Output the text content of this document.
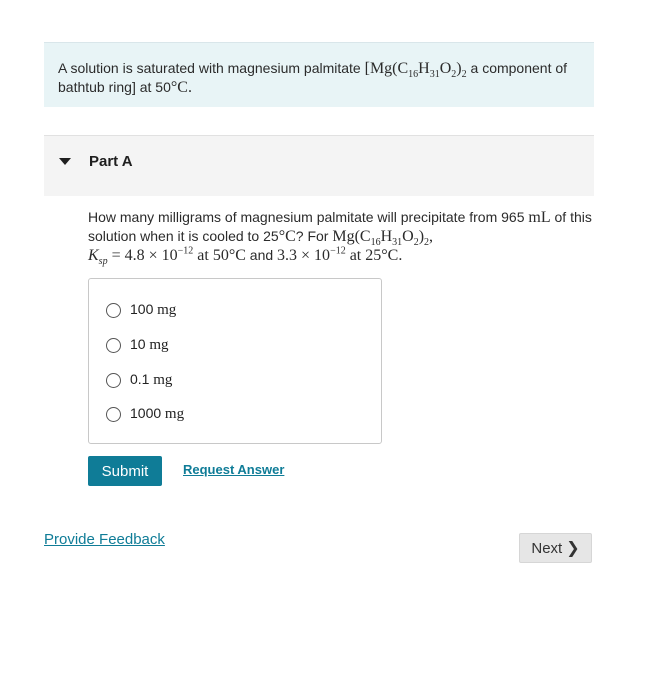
A solution is saturated with magnesium palmitate [$Mg(C_{16}H_{31}O_2)_2$ a component of bathtub ring] at 50°C.
Part A
How many milligrams of magnesium palmitate will precipitate from 965 mL of this solution when it is cooled to 25°C? For $Mg(C_{16}H_{31}O_2)_2$,
$K_{sp} = 4.8 \times 10^{-12}$ at 50°C and $3.3 \times 10^{-12}$ at 25°C.
100 mg
10 mg
0.1 mg
1000 mg
Submit	Request Answer
Provide Feedback	Next ❯
